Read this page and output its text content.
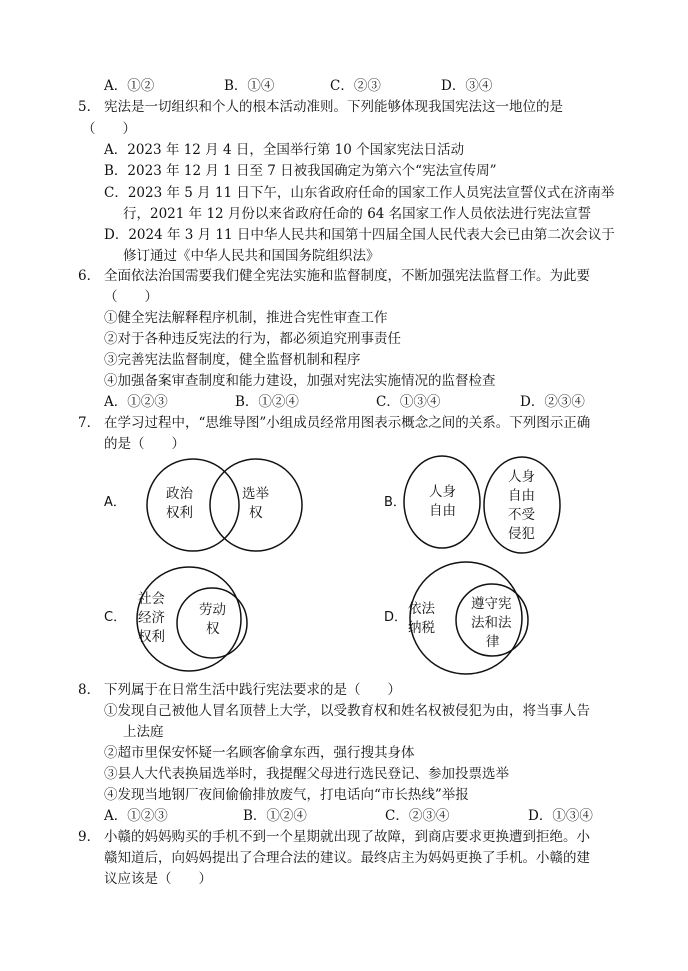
A．①②	B．①④	C．②③	D．③④
5． 宪法是一切组织和个人的根本活动准则。下列能够体现我国宪法这一地位的是
（　　）
A．2023 年 12 月 4 日，全国举行第 10 个国家宪法日活动
B．2023 年 12 月 1 日至 7 日被我国确定为第六个“宪法宣传周”
C．2023 年 5 月 11 日下午，山东省政府任命的国家工作人员宪法宣誓仪式在济南举
行，2021 年 12 月份以来省政府任命的 64 名国家工作人员依法进行宪法宣誓
D．2024 年 3 月 11 日中华人民共和国第十四届全国人民代表大会已由第二次会议于
修订通过《中华人民共和国国务院组织法》
6． 全面依法治国需要我们健全宪法实施和监督制度，不断加强宪法监督工作。为此要
（　　）
①健全宪法解释程序机制，推进合宪性审查工作
②对于各种违反宪法的行为，都必须追究刑事责任
③完善宪法监督制度，健全监督机制和程序
④加强备案审查制度和能力建设，加强对宪法实施情况的监督检查
A．①②③	B．①②④	C．①③④	D．②③④
7． 在学习过程中，“思维导图”小组成员经常用图表示概念之间的关系。下列图示正确
的是（　　）
A．
政治
权利
选举
权
B．
人身
自由
人身
自由
不受
侵犯
C．
社会
经济
权利
劳动
权
D．
依法
纳税
遵守宪
法和法
律
8． 下列属于在日常生活中践行宪法要求的是（　　）
①发现自己被他人冒名顶替上大学，以受教育权和姓名权被侵犯为由，将当事人告
上法庭
②超市里保安怀疑一名顾客偷拿东西，强行搜其身体
③县人大代表换届选举时，我提醒父母进行选民登记、参加投票选举
④发现当地钢厂夜间偷偷排放废气，打电话向“市长热线”举报
A．①②③	B．①②④	C．②③④	D．①③④
9． 小赣的妈妈购买的手机不到一个星期就出现了故障，到商店要求更换遭到拒绝。小
赣知道后，向妈妈提出了合理合法的建议。最终店主为妈妈更换了手机。小赣的建
议应该是（　　）
